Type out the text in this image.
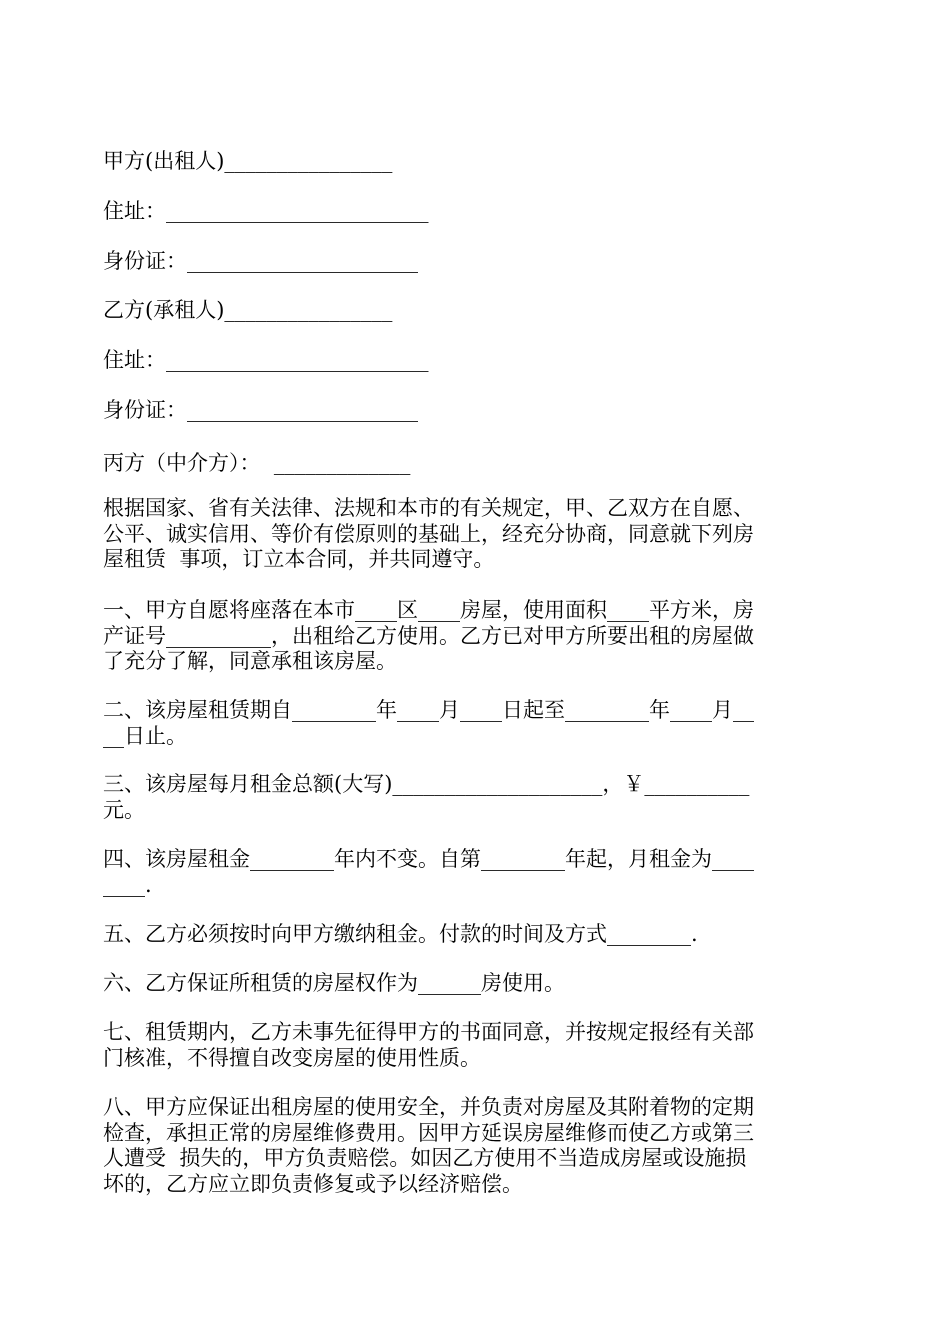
甲方(出租人)________________
住址：_________________________
身份证：______________________
乙方(承租人)________________
住址：_________________________
身份证：______________________
丙方（中介方）：  _____________
根据国家、省有关法律、法规和本市的有关规定，甲、乙双方在自愿、
公平、诚实信用、等价有偿原则的基础上，经充分协商，同意就下列房
屋租赁  事项，订立本合同，并共同遵守。
一、甲方自愿将座落在本市____区____房屋，使用面积____平方米，房
产证号__________，出租给乙方使用。乙方已对甲方所要出租的房屋做
了充分了解，同意承租该房屋。
二、该房屋租赁期自________年____月____日起至________年____月__
__日止。
三、该房屋每月租金总额(大写)____________________，￥__________
元。
四、该房屋租金________年内不变。自第________年起，月租金为____
____.
五、乙方必须按时向甲方缴纳租金。付款的时间及方式________.
六、乙方保证所租赁的房屋权作为______房使用。
七、租赁期内，乙方未事先征得甲方的书面同意，并按规定报经有关部
门核准，不得擅自改变房屋的使用性质。
八、甲方应保证出租房屋的使用安全，并负责对房屋及其附着物的定期
检查，承担正常的房屋维修费用。因甲方延误房屋维修而使乙方或第三
人遭受  损失的，甲方负责赔偿。如因乙方使用不当造成房屋或设施损
坏的，乙方应立即负责修复或予以经济赔偿。
